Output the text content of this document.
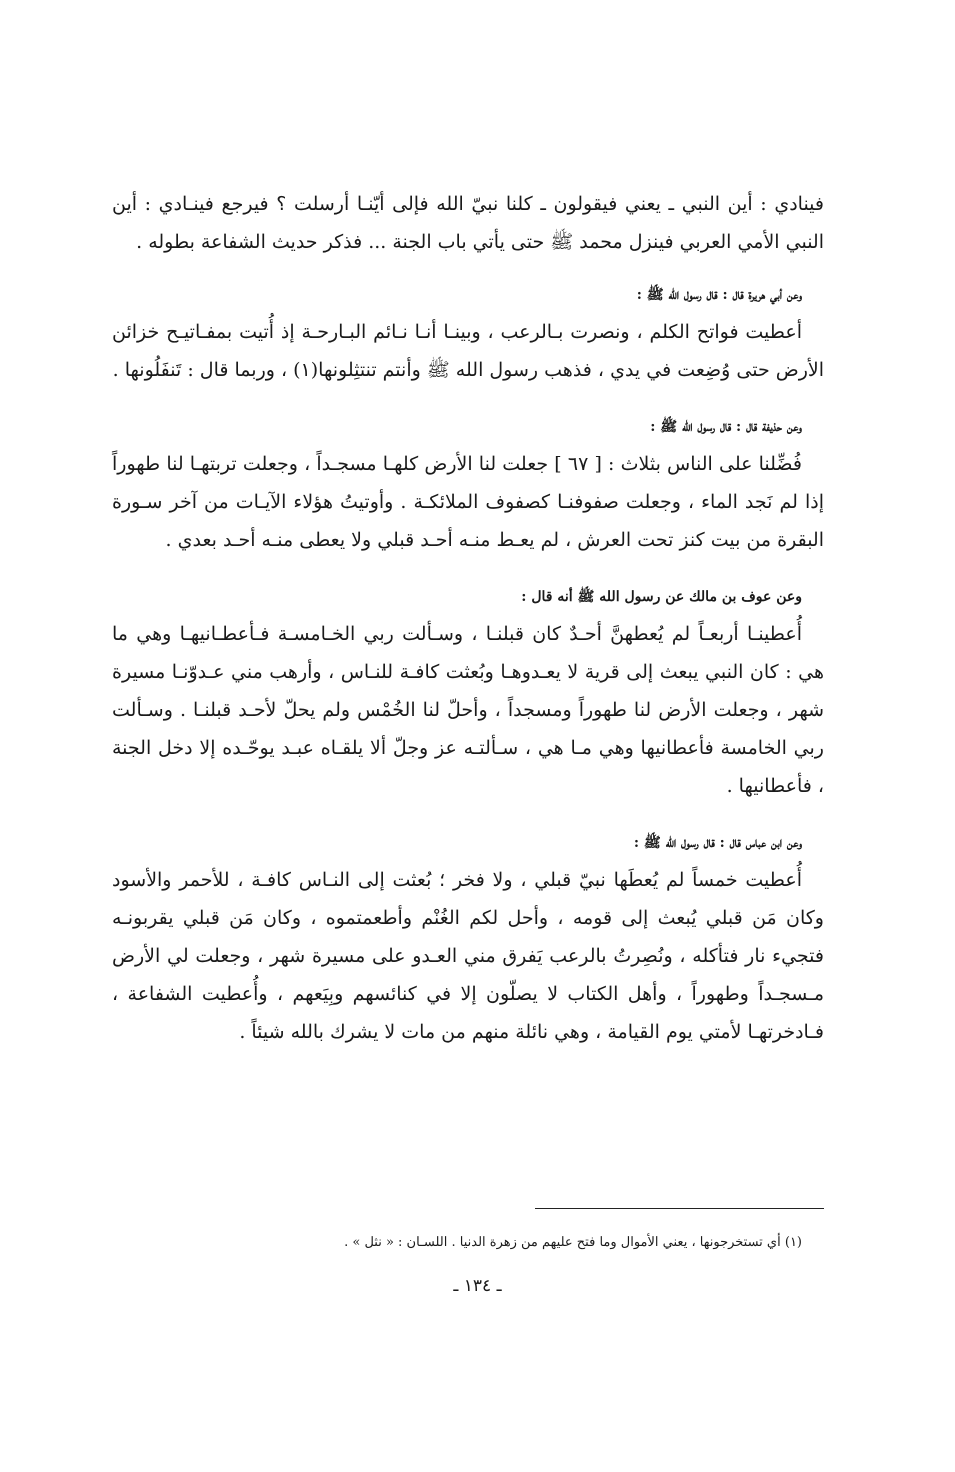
فينادي : أين النبي ـ يعني فيقولون ـ كلنا نبيّ الله فإلى أيّنـا أرسلت ؟ فيرجع فينـادي : أين النبي الأمي العربي فينزل محمد ﷺ حتى يأتي باب الجنة ... فذكر حديث الشفاعة بطوله .

وعن أبي هريرة قال : قال رسول الله ﷺ :

أعطيت فواتح الكلم ، ونصرت بـالرعب ، وبينـا أنـا نـائم البـارحـة إذ أُتيت بمفـاتيـح خزائن الأرض حتى وُضِعت في يدي ، فذهب رسول الله ﷺ وأنتم تنتثِلونها(١) ، وربما قال : تَنفَلُونها .

وعن حذيفة قال : قال رسول الله ﷺ :

فُضِّلنا على الناس بثلاث : [ ٦٧ ] جعلت لنا الأرض كلهـا مسجـداً ، وجعلت تربتهـا لنا طهوراً إذا لم نَجد الماء ، وجعلت صفوفنـا كصفوف الملائكـة . وأوتيتُ هؤلاء الآيـات من آخر سـورة البقرة من بيت كنز تحت العرش ، لم يعـط منـه أحـد قبلي ولا يعطى منـه أحـد بعدي .

وعن عوف بن مالك عن رسول الله ﷺ أنه قال :

أُعطينـا أربعـاً لم يُعطهنَّ أحـدٌ كان قبلنـا ، وسـألت ربي الخـامسـة فـأعطـانيهـا وهي ما هي : كان النبي يبعث إلى قرية لا يعـدوهـا وبُعثت كافـة للنـاس ، وأرهب مني عـدوّنـا مسيرة شهر ، وجعلت الأرض لنا طهوراً ومسجداً ، وأحلّ لنا الخُمْس ولم يحلّ لأحـد قبلنـا . وسـألت ربي الخامسة فأعطانيها وهي مـا هي ، سـألتـه عز وجلّ ألا يلقـاه عبـد يوحّـده إلا دخل الجنة ، فأعطانيها .

وعن ابن عباس قال : قال رسول الله ﷺ :

أُعطيت خمساً لم يُعطَها نبيّ قبلي ، ولا فخر ؛ بُعثت إلى النـاس كافـة ، للأحمر والأسود وكان مَن قبلي يُبعث إلى قومه ، وأحل لكم الغُنْم وأطعمتموه ، وكان مَن قبلي يقربونـه فتجيء نار فتأكله ، ونُصِرتُ بالرعب يَفرق مني العـدو على مسيرة شهر ، وجعلت لي الأرض مـسجـداً وطهوراً ، وأهل الكتاب لا يصلّون إلا في كنائسهم وبِيَعهم ، وأُعطيت الشفاعة ، فـادخرتهـا لأمتي يوم القيامة ، وهي نائلة منهم من مات لا يشرك بالله شيئاً .

(١) أي تستخرجونها ، يعني الأموال وما فتح عليهم من زهرة الدنيا . اللسـان : « نثل » .
ـ ١٣٤ ـ
